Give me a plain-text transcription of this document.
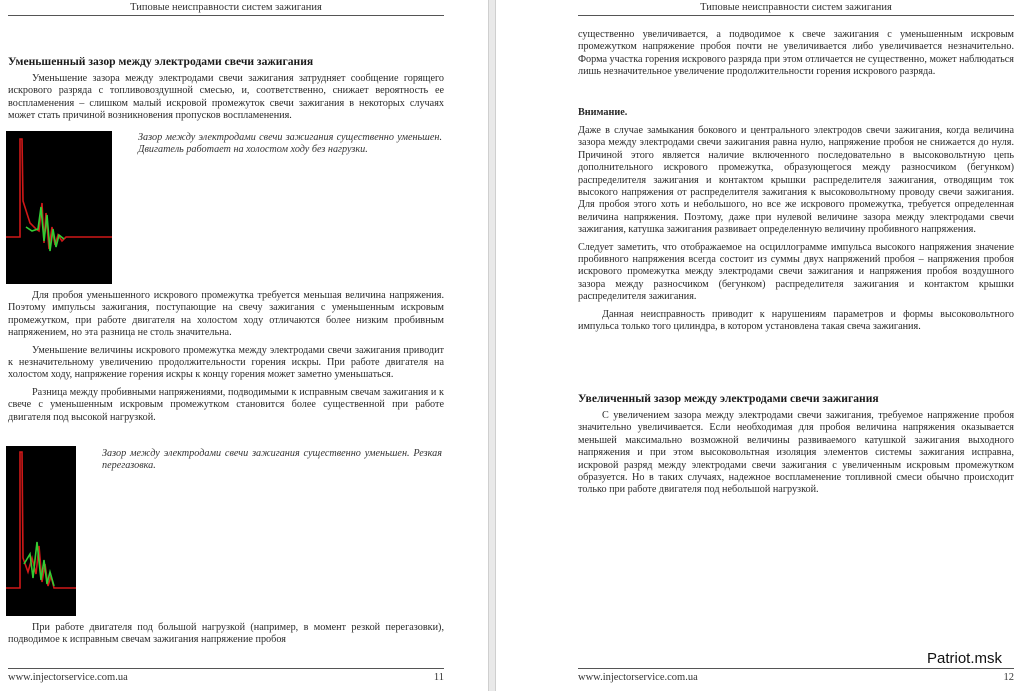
Типовые неисправности систем зажигания
Уменьшенный зазор между электродами свечи зажигания

Уменьшение зазора между электродами свечи зажигания затрудняет сообщение горящего искрового разряда с топливовоздушной смесью, и, соответственно, снижает вероятность ее воспламенения – слишком малый искровой промежуток свечи зажигания в некоторых случаях может стать причиной возникновения пропусков воспламенения.

Зазор между электродами свечи зажигания существенно уменьшен. Двигатель работает на холостом ходу без нагрузки.

Для пробоя уменьшенного искрового промежутка требуется меньшая величина напряжения. Поэтому импульсы зажигания, поступающие на свечу зажигания с уменьшенным искровым промежутком, при работе двигателя на холостом ходу отличаются более низким пробивным напряжением, но эта разница не столь значительна.

Уменьшение величины искрового промежутка между электродами свечи зажигания приводит к незначительному увеличению продолжительности горения искры. При работе двигателя на холостом ходу, напряжение горения искры к концу горения может заметно уменьшаться.

Разница между пробивными напряжениями, подводимыми к исправным свечам зажигания и к свече с уменьшенным искровым промежутком становится более существенной при работе двигателя под высокой нагрузкой.

Зазор между электродами свечи зажигания существенно уменьшен. Резкая перегазовка.

При работе двигателя под большой нагрузкой (например, в момент резкой перегазовки), подводимое к исправным свечам зажигания напряжение пробоя

www.injectorservice.com.ua	11
Типовые неисправности систем зажигания

существенно увеличивается, а подводимое к свече зажигания с уменьшенным искровым промежутком напряжение пробоя почти не увеличивается либо увеличивается незначительно. Форма участка горения искрового разряда при этом отличается не существенно, может наблюдаться лишь незначительное увеличение продолжительности горения искрового разряда.

Внимание.

Даже в случае замыкания бокового и центрального электродов свечи зажигания, когда величина зазора между электродами свечи зажигания равна нулю, напряжение пробоя не снижается до нуля. Причиной этого является наличие включенного последовательно в высоковольтную цепь дополнительного искрового промежутка, образующегося между разносчиком (бегунком) распределителя зажигания и контактом крышки распределителя зажигания, отводящим ток высокого напряжения от распределителя зажигания к высоковольтному проводу свечи зажигания. Для пробоя этого хоть и небольшого, но все же искрового промежутка, требуется определенная величина напряжения. Поэтому, даже при нулевой величине зазора между электродами свечи зажигания, катушка зажигания развивает определенную величину пробивного напряжения.

Следует заметить, что отображаемое на осциллограмме импульса высокого напряжения значение пробивного напряжения всегда состоит из суммы двух напряжений пробоя – напряжения пробоя искрового промежутка между электродами свечи зажигания и напряжения пробоя воздушного зазора между разносчиком (бегунком) распределителя зажигания и контактом крышки распределителя зажигания.

Данная неисправность приводит к нарушениям параметров и формы высоковольтного импульса только того цилиндра, в котором установлена такая свеча зажигания.

Увеличенный зазор между электродами свечи зажигания

С увеличением зазора между электродами свечи зажигания, требуемое напряжение пробоя значительно увеличивается. Если необходимая для пробоя величина напряжения оказывается меньшей максимально возможной величины развиваемого катушкой зажигания выходного напряжения и при этом высоковольтная изоляция элементов системы зажигания исправна, искровой разряд между электродами свечи зажигания с увеличенным искровым промежутком образуется. Но в таких случаях, надежное воспламенение топливной смеси обычно происходит только при работе двигателя под небольшой нагрузкой.

www.injectorservice.com.ua	12
Patriot.msk
